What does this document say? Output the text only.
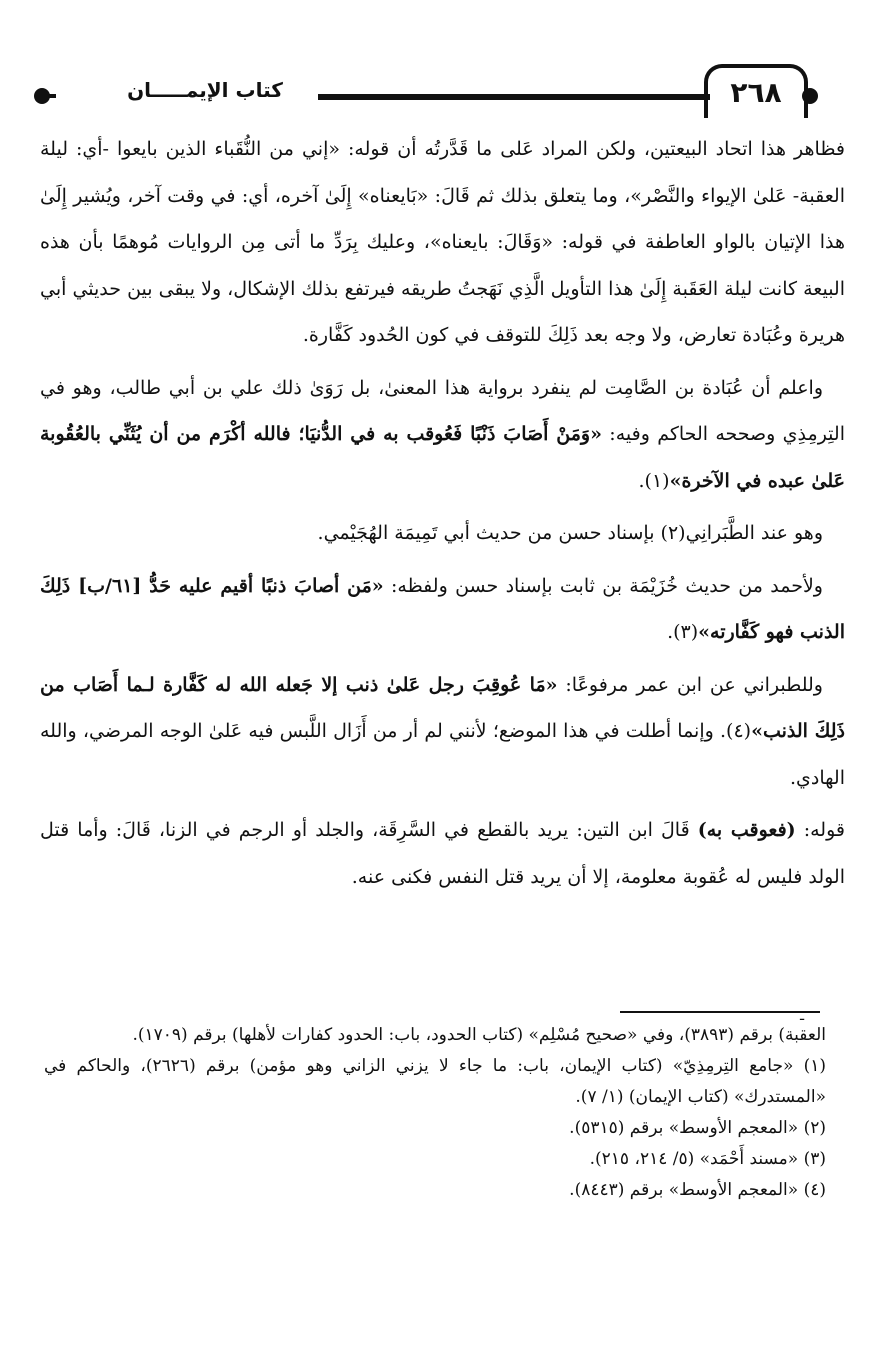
كتاب الإيمـــــان	٢٦٨

فظاهر هذا اتحاد البيعتين، ولكن المراد عَلى ما قَدَّرتُه أن قوله: «إني من النُّقَباء الذين بايعوا -أي: ليلة العقبة- عَلىٰ الإيواء والنَّصْر»، وما يتعلق بذلك ثم قَالَ: «بَايعناه» إِلَىٰ آخره، أي: في وقت آخر، ويُشير إِلَىٰ هذا الإتيان بالواو العاطفة في قوله: «وَقَالَ: بايعناه»، وعليك بِرَدِّ ما أتى مِن الروايات مُوهمًا بأن هذه البيعة كانت ليلة العَقَبة إِلَىٰ هذا التأويل الَّذِي نَهَجتُ طريقه فيرتفع بذلك الإشكال، ولا يبقى بين حديثي أبي هريرة وعُبَادة تعارض، ولا وجه بعد ذَلِكَ للتوقف في كون الحُدود كَفَّارة.

واعلم أن عُبَادة بن الصَّامِت لم ينفرد برواية هذا المعنىٰ، بل رَوَىٰ ذلك علي بن أبي طالب، وهو في التِرمِذِي وصححه الحاكم وفيه: «وَمَنْ أَصَابَ ذَنْبًا فَعُوقب به في الدُّنيَا؛ فالله أكْرَم من أن يُثَنِّي بالعُقُوبة عَلىٰ عبده في الآخرة»(١).

وهو عند الطَّبَرانِي(٢) بإسناد حسن من حديث أبي تَمِيمَة الهُجَيْمي.

ولأحمد من حديث خُزَيْمَة بن ثابت بإسناد حسن ولفظه: «مَن أصابَ ذنبًا أقيم عليه حَدُّ [٦١/ب] ذَلِكَ الذنب فهو كَفَّارته»(٣).

وللطبراني عن ابن عمر مرفوعًا: «مَا عُوقِبَ رجل عَلىٰ ذنب إلا جَعله الله له كَفَّارة لـما أَصَاب من ذَلِكَ الذنب»(٤). وإنما أطلت في هذا الموضع؛ لأنني لم أر من أَزَال اللَّبس فيه عَلىٰ الوجه المرضي، والله الهادي.

قوله: (فعوقب به) قَالَ ابن التين: يريد بالقطع في السَّرِقَة، والجلد أو الرجم في الزنا، قَالَ: وأما قتل الولد فليس له عُقوبة معلومة، إلا أن يريد قتل النفس فكنى عنه.

ـ

العقبة) برقم (٣٨٩٣)، وفي «صحيح مُسْلِم» (كتاب الحدود، باب: الحدود كفارات لأهلها) برقم (١٧٠٩).

(١) «جامع التِرمِذِيّ» (كتاب الإيمان، باب: ما جاء لا يزني الزاني وهو مؤمن) برقم (٢٦٢٦)، والحاكم في «المستدرك» (كتاب الإيمان) (١/ ٧).

(٢) «المعجم الأوسط» برقم (٥٣١٥).

(٣) «مسند أَحْمَد» (٥/ ٢١٤، ٢١٥).

(٤) «المعجم الأوسط» برقم (٨٤٤٣).
